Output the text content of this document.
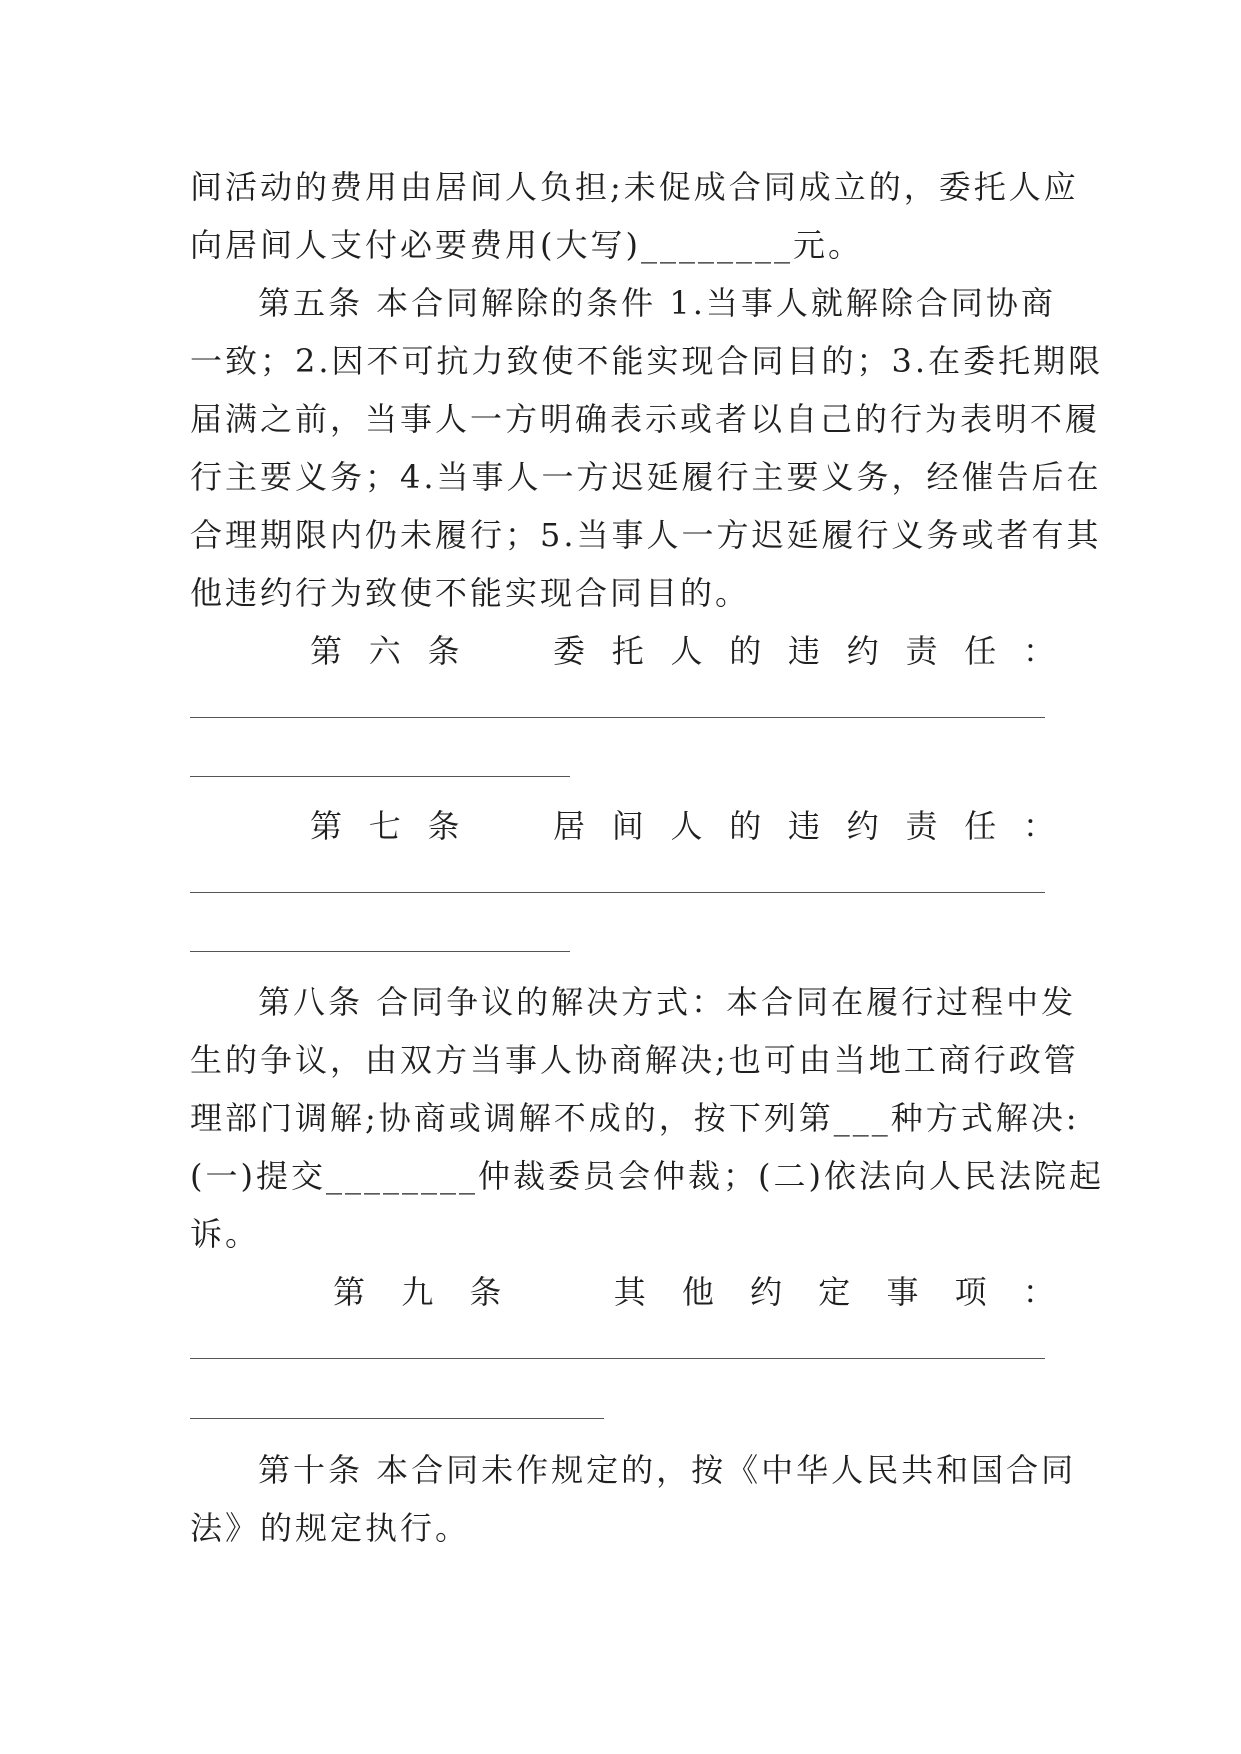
间活动的费用由居间人负担;未促成合同成立的，委托人应
向居间人支付必要费用(大写)________元。
第五条 本合同解除的条件 1.当事人就解除合同协商
一致；2.因不可抗力致使不能实现合同目的；3.在委托期限
届满之前，当事人一方明确表示或者以自己的行为表明不履
行主要义务；4.当事人一方迟延履行主要义务，经催告后在
合理期限内仍未履行；5.当事人一方迟延履行义务或者有其
他违约行为致使不能实现合同目的。
第 六 条	委 托 人 的 违 约 责 任 ：
第 七 条	居 间 人 的 违 约 责 任 ：
第八条 合同争议的解决方式：本合同在履行过程中发
生的争议，由双方当事人协商解决;也可由当地工商行政管
理部门调解;协商或调解不成的，按下列第___种方式解决:
(一)提交________仲裁委员会仲裁；(二)依法向人民法院起
诉。
第 九 条	其 他 约 定 事 项 ：
第十条 本合同未作规定的，按《中华人民共和国合同
法》的规定执行。
